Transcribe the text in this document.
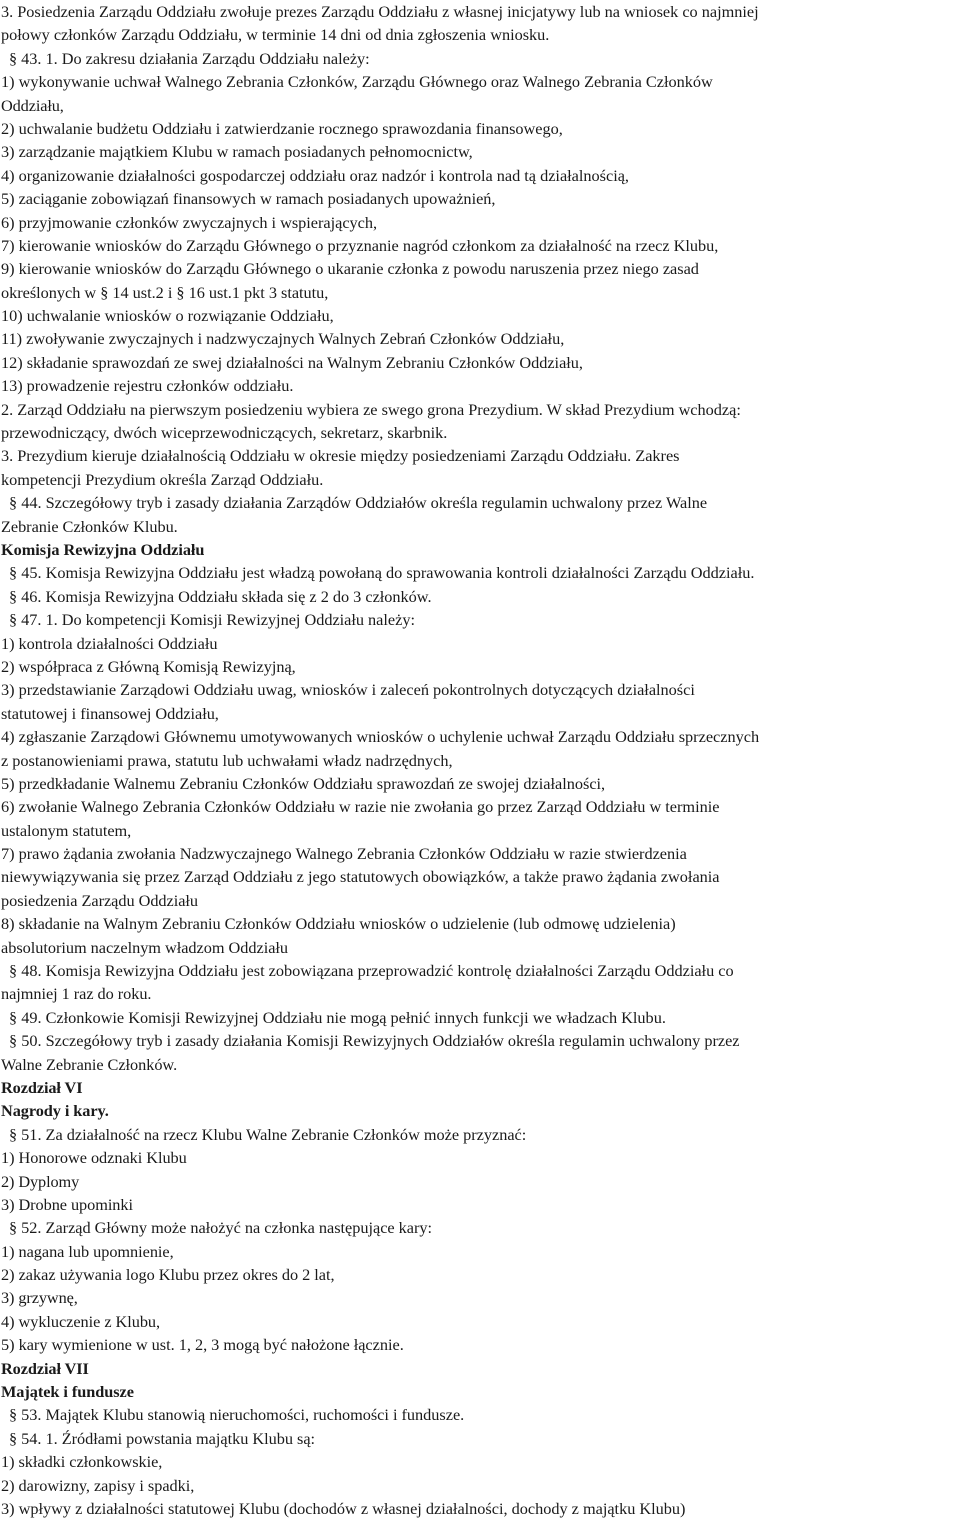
3. Posiedzenia Zarządu Oddziału zwołuje prezes Zarządu Oddziału z własnej inicjatywy lub na wniosek co najmniej
połowy członków Zarządu Oddziału, w terminie 14 dni od dnia zgłoszenia wniosku.
§ 43. 1. Do zakresu działania Zarządu Oddziału należy:
1) wykonywanie uchwał Walnego Zebrania Członków, Zarządu Głównego oraz Walnego Zebrania Członków
Oddziału,
2) uchwalanie budżetu Oddziału i zatwierdzanie rocznego sprawozdania finansowego,
3) zarządzanie majątkiem Klubu w ramach posiadanych pełnomocnictw,
4) organizowanie działalności gospodarczej oddziału oraz nadzór i kontrola nad tą działalnością,
5) zaciąganie zobowiązań finansowych w ramach posiadanych upoważnień,
6) przyjmowanie członków zwyczajnych i wspierających,
7) kierowanie wniosków do Zarządu Głównego o przyznanie nagród członkom za działalność na rzecz Klubu,
9) kierowanie wniosków do Zarządu Głównego o ukaranie członka z powodu naruszenia przez niego zasad
określonych w § 14 ust.2 i § 16 ust.1 pkt 3 statutu,
10) uchwalanie wniosków o rozwiązanie Oddziału,
11) zwoływanie zwyczajnych i nadzwyczajnych Walnych Zebrań Członków Oddziału,
12) składanie sprawozdań ze swej działalności na Walnym Zebraniu Członków Oddziału,
13) prowadzenie rejestru członków oddziału.
2. Zarząd Oddziału na pierwszym posiedzeniu wybiera ze swego grona Prezydium. W skład Prezydium wchodzą:
przewodniczący, dwóch wiceprzewodniczących, sekretarz, skarbnik.
3. Prezydium kieruje działalnością Oddziału w okresie między posiedzeniami Zarządu Oddziału. Zakres
kompetencji Prezydium określa Zarząd Oddziału.
§ 44. Szczegółowy tryb i zasady działania Zarządów Oddziałów określa regulamin uchwalony przez Walne
Zebranie Członków Klubu.
Komisja Rewizyjna Oddziału
§ 45. Komisja Rewizyjna Oddziału jest władzą powołaną do sprawowania kontroli działalności Zarządu Oddziału.
§ 46. Komisja Rewizyjna Oddziału składa się z 2 do 3 członków.
§ 47. 1. Do kompetencji Komisji Rewizyjnej Oddziału należy:
1) kontrola działalności Oddziału
2) współpraca z Główną Komisją Rewizyjną,
3) przedstawianie Zarządowi Oddziału uwag, wniosków i zaleceń pokontrolnych dotyczących działalności
statutowej i finansowej Oddziału,
4) zgłaszanie Zarządowi Głównemu umotywowanych wniosków o uchylenie uchwał Zarządu Oddziału sprzecznych
z postanowieniami prawa, statutu lub uchwałami władz nadrzędnych,
5) przedkładanie Walnemu Zebraniu Członków Oddziału sprawozdań ze swojej działalności,
6) zwołanie Walnego Zebrania Członków Oddziału w razie nie zwołania go przez Zarząd Oddziału w terminie
ustalonym statutem,
7) prawo żądania zwołania Nadzwyczajnego Walnego Zebrania Członków Oddziału w razie stwierdzenia
niewywiązywania się przez Zarząd Oddziału z jego statutowych obowiązków, a także prawo żądania zwołania
posiedzenia Zarządu Oddziału
8) składanie na Walnym Zebraniu Członków Oddziału wniosków o udzielenie (lub odmowę udzielenia)
absolutorium naczelnym władzom Oddziału
§ 48. Komisja Rewizyjna Oddziału jest zobowiązana przeprowadzić kontrolę działalności Zarządu Oddziału co
najmniej 1 raz do roku.
§ 49. Członkowie Komisji Rewizyjnej Oddziału nie mogą pełnić innych funkcji we władzach Klubu.
§ 50. Szczegółowy tryb i zasady działania Komisji Rewizyjnych Oddziałów określa regulamin uchwalony przez
Walne Zebranie Członków.
Rozdział VI
Nagrody i kary.
§ 51. Za działalność na rzecz Klubu Walne Zebranie Członków może przyznać:
1) Honorowe odznaki Klubu
2) Dyplomy
3) Drobne upominki
§ 52. Zarząd Główny może nałożyć na członka następujące kary:
1) nagana lub upomnienie,
2) zakaz używania logo Klubu przez okres do 2 lat,
3) grzywnę,
4) wykluczenie z Klubu,
5) kary wymienione w ust. 1, 2, 3 mogą być nałożone łącznie.
Rozdział VII
Majątek i fundusze
§ 53. Majątek Klubu stanowią nieruchomości, ruchomości i fundusze.
§ 54. 1. Źródłami powstania majątku Klubu są:
1) składki członkowskie,
2) darowizny, zapisy i spadki,
3) wpływy z działalności statutowej Klubu (dochodów z własnej działalności, dochody z majątku Klubu)
